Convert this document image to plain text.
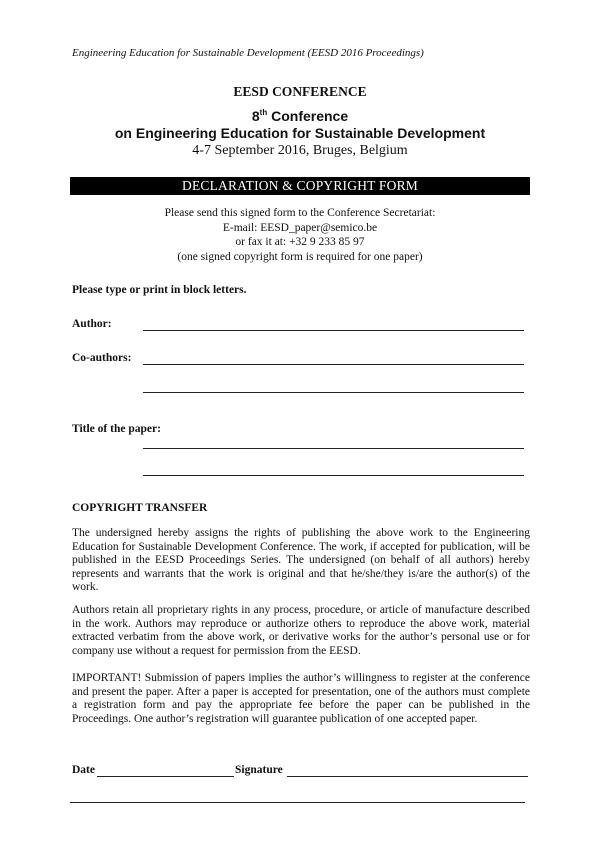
Engineering Education for Sustainable Development (EESD 2016 Proceedings)
EESD CONFERENCE
8th Conference
on Engineering Education for Sustainable Development
4-7 September 2016, Bruges, Belgium
DECLARATION & COPYRIGHT FORM
Please send this signed form to the Conference Secretariat:
E-mail: EESD_paper@semico.be
or fax it at: +32 9 233 85 97
(one signed copyright form is required for one paper)
Please type or print in block letters.
Author:
Co-authors:
Title of the paper:
COPYRIGHT TRANSFER
The undersigned hereby assigns the rights of publishing the above work to the Engineering Education for Sustainable Development Conference. The work, if accepted for publication, will be published in the EESD Proceedings Series. The undersigned (on behalf of all authors) hereby represents and warrants that the work is original and that he/she/they is/are the author(s) of the work.
Authors retain all proprietary rights in any process, procedure, or article of manufacture described in the work. Authors may reproduce or authorize others to reproduce the above work, material extracted verbatim from the above work, or derivative works for the author’s personal use or for company use without a request for permission from the EESD.
IMPORTANT! Submission of papers implies the author’s willingness to register at the conference and present the paper. After a paper is accepted for presentation, one of the authors must complete a registration form and pay the appropriate fee before the paper can be published in the Proceedings. One author’s registration will guarantee publication of one accepted paper.
Date	Signature
